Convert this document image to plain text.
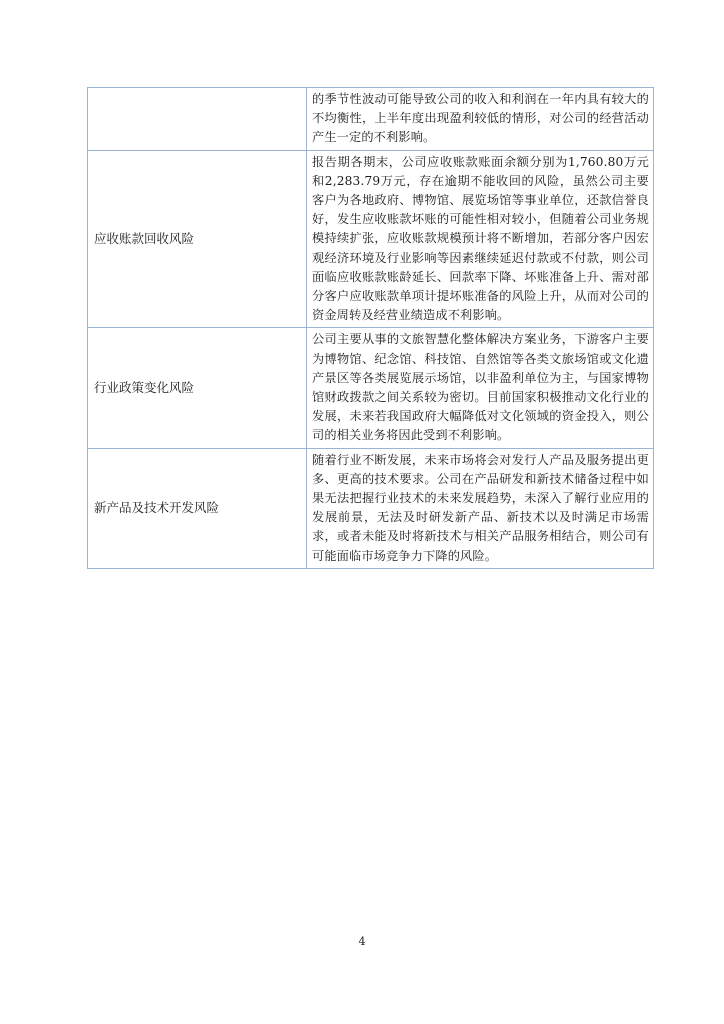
	的季节性波动可能导致公司的收入和利润在一年内具有较大的不均衡性，上半年度出现盈利较低的情形，对公司的经营活动产生一定的不利影响。
应收账款回收风险	报告期各期末，公司应收账款账面余额分别为1,760.80万元和2,283.79万元，存在逾期不能收回的风险，虽然公司主要客户为各地政府、博物馆、展览场馆等事业单位，还款信誉良好，发生应收账款坏账的可能性相对较小，但随着公司业务规模持续扩张，应收账款规模预计将不断增加，若部分客户因宏观经济环境及行业影响等因素继续延迟付款或不付款，则公司面临应收账款账龄延长、回款率下降、坏账准备上升、需对部分客户应收账款单项计提坏账准备的风险上升，从而对公司的资金周转及经营业绩造成不利影响。
行业政策变化风险	公司主要从事的文旅智慧化整体解决方案业务，下游客户主要为博物馆、纪念馆、科技馆、自然馆等各类文旅场馆或文化遗产景区等各类展览展示场馆，以非盈利单位为主，与国家博物馆财政拨款之间关系较为密切。目前国家积极推动文化行业的发展，未来若我国政府大幅降低对文化领域的资金投入，则公司的相关业务将因此受到不利影响。
新产品及技术开发风险	随着行业不断发展，未来市场将会对发行人产品及服务提出更多、更高的技术要求。公司在产品研发和新技术储备过程中如果无法把握行业技术的未来发展趋势，未深入了解行业应用的发展前景，无法及时研发新产品、新技术以及时满足市场需求，或者未能及时将新技术与相关产品服务相结合，则公司有可能面临市场竞争力下降的风险。
4
